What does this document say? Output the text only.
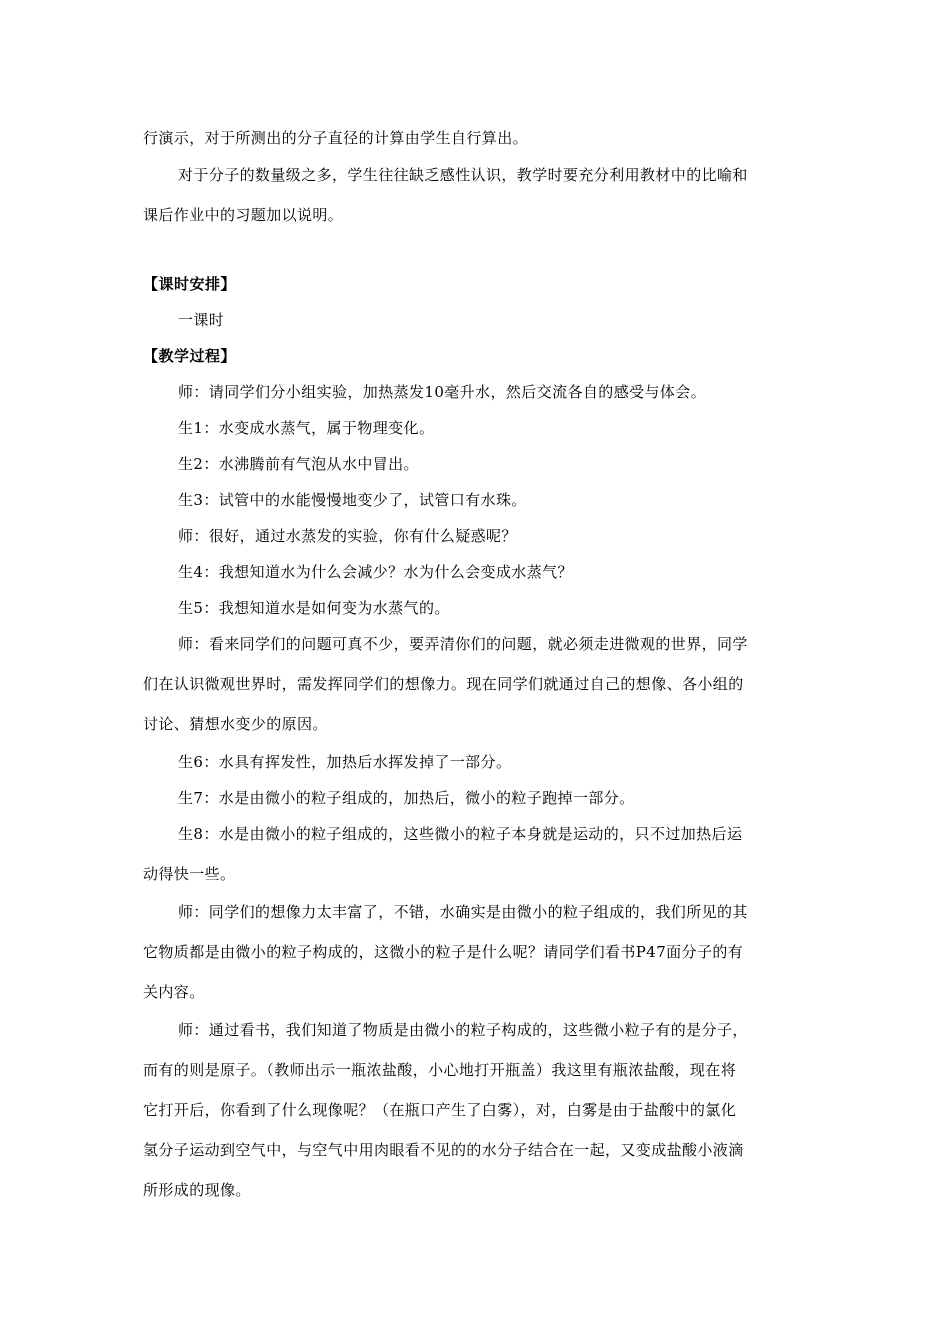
行演示，对于所测出的分子直径的计算由学生自行算出。
对于分子的数量级之多，学生往往缺乏感性认识，教学时要充分利用教材中的比喻和
课后作业中的习题加以说明。
【课时安排】
一课时
【教学过程】
师：请同学们分小组实验，加热蒸发10毫升水，然后交流各自的感受与体会。
生1：水变成水蒸气，属于物理变化。
生2：水沸腾前有气泡从水中冒出。
生3：试管中的水能慢慢地变少了，试管口有水珠。
师：很好，通过水蒸发的实验，你有什么疑惑呢？
生4：我想知道水为什么会减少？水为什么会变成水蒸气？
生5：我想知道水是如何变为水蒸气的。
师：看来同学们的问题可真不少，要弄清你们的问题，就必须走进微观的世界，同学
们在认识微观世界时，需发挥同学们的想像力。现在同学们就通过自己的想像、各小组的
讨论、猜想水变少的原因。
生6：水具有挥发性，加热后水挥发掉了一部分。
生7：水是由微小的粒子组成的，加热后，微小的粒子跑掉一部分。
生8：水是由微小的粒子组成的，这些微小的粒子本身就是运动的，只不过加热后运
动得快一些。
师：同学们的想像力太丰富了，不错，水确实是由微小的粒子组成的，我们所见的其
它物质都是由微小的粒子构成的，这微小的粒子是什么呢？请同学们看书P47面分子的有
关内容。
师：通过看书，我们知道了物质是由微小的粒子构成的，这些微小粒子有的是分子，
而有的则是原子。（教师出示一瓶浓盐酸，小心地打开瓶盖）我这里有瓶浓盐酸，现在将
它打开后，你看到了什么现像呢？（在瓶口产生了白雾），对，白雾是由于盐酸中的氯化
氢分子运动到空气中，与空气中用肉眼看不见的的水分子结合在一起，又变成盐酸小液滴
所形成的现像。
